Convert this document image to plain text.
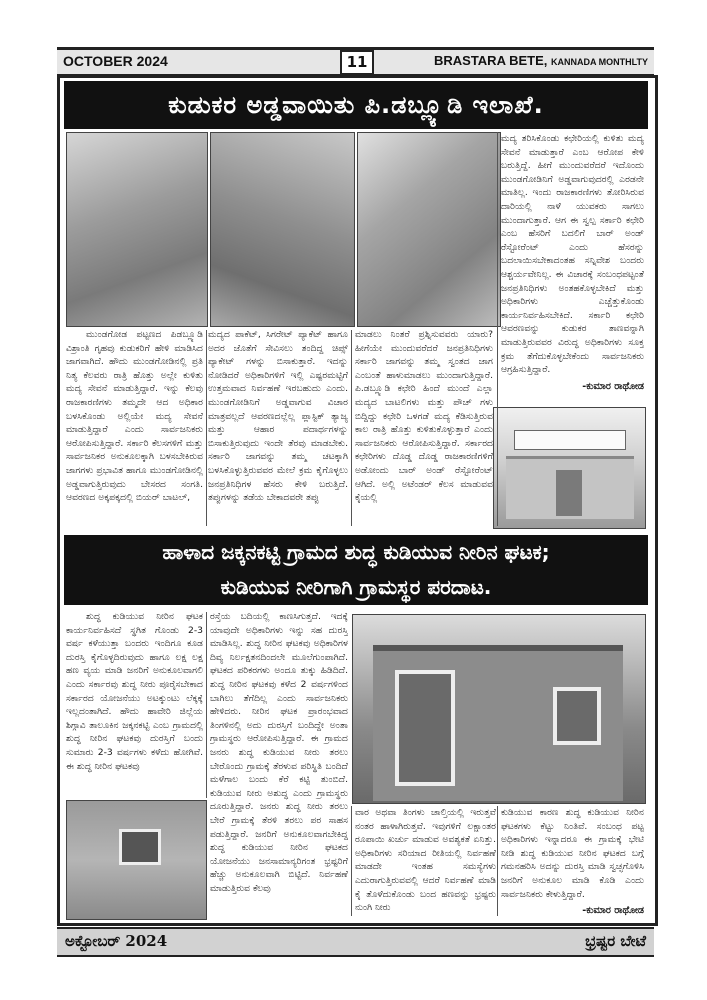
OCTOBER 2024	11	BRASTARA BETE, KANNADA MONTHLTY
ಕುಡುಕರ ಅಡ್ಡವಾಯಿತು ಪಿ.ಡಬ್ಲ್ಯೂಡಿ ಇಲಾಖೆ.

ಮುಂಡಗೋಡ ಪಟ್ಟಣದ ಪಿಡಬ್ಲ್ಯೂಡಿ ವಿಶ್ರಾಂತಿ ಗೃಹವು ಕುಡುಕರಿಗೆ ಹೇಳಿ ಮಾಡಿಸಿದ ಜಾಗವಾಗಿದೆ. ಹೌದು ಮುಂಡಗೋಡಿನಲ್ಲಿ ಪ್ರತಿ ನಿತ್ಯ ಕೆಲವರು ರಾತ್ರಿ ಹೊತ್ತು ಅಲ್ಲೇ ಕುಳಿತು ಮದ್ಯ ಸೇವನೆ ಮಾಡುತ್ತಿದ್ದಾರೆ. ಇನ್ನು ಕೆಲವು ರಾಜಕಾರಣಿಗಳು ತಮ್ಮದೇ ಆದ ಅಧಿಕಾರ ಬಳಸಿಕೊಂಡು ಅಲ್ಲಿಯೇ ಮದ್ಯ ಸೇವನೆ ಮಾಡುತ್ತಿದ್ದಾರೆ ಎಂದು ಸಾರ್ವಜನಿಕರು ಆರೋಪಿಸುತ್ತಿದ್ದಾರೆ. ಸರ್ಕಾರಿ ಕೆಲಸಗಳಿಗೆ ಮತ್ತು ಸಾರ್ವಜನಿಕರ ಅನುಕೂಲಕ್ಕಾಗಿ ಬಳಸಬೇಕಿರುವ ಜಾಗಗಳು ಪ್ರಭಾವಿತ ಹಾಗೂ ಮುಂಡಗೋಡಿನಲ್ಲಿ ಅಡ್ಡವಾಗುತ್ತಿರುವುದು ಬೇಸರದ ಸಂಗತಿ. ಆವರಣದ ಅಕ್ಕಪಕ್ಕದಲ್ಲಿ ಬಿಯರ್ ಬಾಟಲ್,

ಮದ್ಯದ ಪಾಕೆಟ್, ಸಿಗರೇಟ್ ಪ್ಯಾಕೆಟ್ ಹಾಗೂ ಅದರ ಜೊತೆಗೆ ಸೇವಿಸಲು ತಂದಿದ್ದ ಚಿಪ್ಸ್ ಪ್ಯಾಕೇಟ್ ಗಳನ್ನು ಬಿಸಾಕುತ್ತಾರೆ. ಇದನ್ನು ನೋಡಿದರೆ ಅಧಿಕಾರಿಗಳಿಗೆ ಇಲ್ಲಿ ಎಷ್ಟರಮಟ್ಟಿಗೆ ಉತ್ತಮವಾದ ನಿರ್ವಹಣೆ ಇರಬಹುದು ಎಂದು. ಮುಂಡಗೋಡಿನಿಗೆ ಅಡ್ಡವಾಗುವ ವಿಚಾರ ಮಾತ್ರವಲ್ಲದೆ ಆವರಣದಲ್ಲೆಲ್ಲ ಪ್ಲಾಸ್ಟಿಕ್ ತ್ಯಾಜ್ಯ ಮತ್ತು ಆಹಾರ ಪದಾರ್ಥಗಳನ್ನು ಬಿಸಾಕುತ್ತಿರುವುದು ಇಂದೇ ತೆರವು ಮಾಡಬೇಕು. ಸರ್ಕಾರಿ ಜಾಗವನ್ನು ತಮ್ಮ ಚಟಕ್ಕಾಗಿ ಬಳಸಿಕೊಳ್ಳುತ್ತಿರುವವರ ಮೇಲೆ ಕ್ರಮ ಕೈಗೊಳ್ಳಲು ಜನಪ್ರತಿನಿಧಿಗಳ ಹೆಸರು ಕೇಳಿ ಬರುತ್ತಿದೆ. ತಪ್ಪುಗಳನ್ನು ತಡೆಯ ಬೇಕಾದವರೇ ತಪ್ಪು

ಮಾಡಲು ನಿಂತರೆ ಪ್ರಶ್ನಿಸುವವರು ಯಾರು? ಹೀಗೆಯೇ ಮುಂದುವರೆದರೆ ಜನಪ್ರತಿನಿಧಿಗಳು ಸರ್ಕಾರಿ ಜಾಗವನ್ನು ತಮ್ಮ ಸ್ವಂತದ ಜಾಗ ಎಂಬಂತೆ ಹಾಳುಮಾಡಲು ಮುಂದಾಗುತ್ತಿದ್ದಾರೆ. ಪಿ.ಡಬ್ಲ್ಯೂಡಿ ಕಛೇರಿ ಹಿಂದೆ ಮುಂದೆ ಎಲ್ಲಾ ಮದ್ಯದ ಬಾಟಲಿಗಳು ಮತ್ತು ಪೌಚ್ ಗಳು ಬಿದ್ದಿದ್ದು ಕಛೇರಿ ಒಳಗಡೆ ಮದ್ಯ ಕೆಡಿಸುತ್ತಿರುವ ಕಾಲ ರಾತ್ರಿ ಹೊತ್ತು ಕುಳಿತುಕೊಳ್ಳುತ್ತಾರೆ ಎಂದು ಸಾರ್ವಜನಿಕರು ಆರೋಪಿಸುತ್ತಿದ್ದಾರೆ. ಸರ್ಕಾರದ ಕಛೇರಿಗಳು ದೊಡ್ಡ ದೊಡ್ಡ ರಾಜಕಾರಣಿಗಳಿಗೆ ಅಡೋಂದು ಬಾರ್ ಅಂಡ್ ರೆಸ್ಟೋರೆಂಟ್ ಆಗಿದೆ. ಅಲ್ಲಿ ಅಟೆಂಡರ್ ಕೆಲಸ ಮಾಡುವವ ಕೈಯಲ್ಲಿ

ಮದ್ಯ ತರಿಸಿಕೊಂಡು ಕಛೇರಿಯಲ್ಲಿ ಕುಳಿತು ಮದ್ಯ ಸೇವನೆ ಮಾಡುತ್ತಾರೆ ಎಂಬ ಆರೋಪ ಕೇಳಿ ಬರುತ್ತಿದ್ದೆ. ಹೀಗೆ ಮುಂದುವರೆದರೆ ಇದೊಂದು ಮುಂಡಗೋಡಿನಿಗೆ ಅಡ್ಡವಾಗುವುದರಲ್ಲಿ ಎರಡನೇ ಮಾತಿಲ್ಲ. ಇಂದು ರಾಜಕಾರಣಿಗಳು ತೋರಿಸಿರುವ ದಾರಿಯಲ್ಲಿ ನಾಳೆ ಯುವಕರು ಸಾಗಲು ಮುಂದಾಗುತ್ತಾರೆ. ಆಗ ಈ ಸ್ವಲ್ಪ ಸರ್ಕಾರಿ ಕಛೇರಿ ಎಂಬ ಹೆಸರಿಗೆ ಬದಲಿಗೆ ಬಾರ್ ಅಂಡ್ ರೆಸ್ಟೋರೆಂಟ್ ಎಂದು ಹೆಸರನ್ನು ಬದಲಾಯಿಸಬೇಕಾದಂತಹ ಸನ್ನಿವೇಶ ಬಂದರು ಆಶ್ಚರ್ಯವೇನಿಲ್ಲ. ಈ ವಿಚಾರಕ್ಕೆ ಸಂಬಂಧಪಟ್ಟಂತೆ ಜನಪ್ರತಿನಿಧಿಗಳು ಅಂತಹಕೊಳ್ಳಬೇಕಿದೆ ಮತ್ತು ಅಧಿಕಾರಿಗಳು ಎಚ್ಚೆತ್ತುಕೊಂಡು ಕಾರ್ಯನಿರ್ವಹಿಸಬೇಕಿದೆ. ಸರ್ಕಾರಿ ಕಛೇರಿ ಆವರಣವನ್ನು ಕುಡುಕರ ತಾಣವನ್ನಾಗಿ ಮಾಡುತ್ತಿರುವವರ ವಿರುದ್ಧ ಅಧಿಕಾರಿಗಳು ಸೂಕ್ತ ಕ್ರಮ ತೆಗೆದುಕೊಳ್ಳಬೇಕೆಂದು ಸಾರ್ವಜನಿಕರು ಆಗ್ರಹಿಸುತ್ತಿದ್ದಾರೆ.

-ಕುಮಾರ ರಾಥೋಡ
ಹಾಳಾದ ಜಕ್ಕನಕಟ್ಟಿ ಗ್ರಾಮದ ಶುದ್ಧ ಕುಡಿಯುವ ನೀರಿನ ಘಟಕ;
ಕುಡಿಯುವ ನೀರಿಗಾಗಿ ಗ್ರಾಮಸ್ಥರ ಪರದಾಟ.

ಶುದ್ಧ ಕುಡಿಯುವ ನೀರಿನ ಘಟಕ ಕಾರ್ಯನಿರ್ವಹಿಸದೆ ಸ್ಥಗಿತ ಗೊಂಡು 2-3 ವರ್ಷ ಕಳೆಯುತ್ತಾ ಬಂದರು ಇಂದಿಗೂ ಕೂಡ ದುರಸ್ತಿ ಕೈಗೊಳ್ಳದಿರುವುದು ಹಾಗೂ ಲಕ್ಷ ಲಕ್ಷ ಹಣ ವ್ಯಯ ಮಾಡಿ ಜನರಿಗೆ ಅನುಕೂಲವಾಗಲಿ ಎಂದು ಸರ್ಕಾರವು ಶುದ್ಧ ನೀರು ಪೂರೈಸಬೇಕಾದ ಸರ್ಕಾರದ ಯೋಜನೆಯು ಅಟಕ್ಕುಂಟು ಲೆಕ್ಕಕ್ಕೆ ಇಲ್ಲದಂತಾಗಿದೆ. ಹೌದು ಹಾವೇರಿ ಜಿಲ್ಲೆಯ ಶಿಗ್ಗಾವಿ ತಾಲೂಕಿನ ಜಕ್ಕನಕಟ್ಟಿ ಎಂಬ ಗ್ರಾಮದಲ್ಲಿ ಶುದ್ಧ ನೀರಿನ ಘಟಕವು ದುರಸ್ತಿಗೆ ಬಂದು ಸುಮಾರು 2-3 ವರ್ಷಗಳು ಕಳೆದು ಹೋಗಿವೆ. ಈ ಶುದ್ಧ ನೀರಿನ ಘಟಕವು

ರಸ್ತೆಯ ಬದಿಯಲ್ಲಿ ಕಾಣಸಿಗುತ್ತದೆ. ಇದಕ್ಕೆ ಯಾವುದೇ ಅಧಿಕಾರಿಗಳು ಇನ್ನು ಸಹ ದುರಸ್ತಿ ಮಾಡಿಸಿಲ್ಲ. ಶುದ್ಧ ನೀರಿನ ಘಟಕವು ಅಧಿಕಾರಿಗಳ ದಿವ್ಯ ನಿರ್ಲಕ್ಷತನದಿಂದಲೇ ಮೂಲೆಗುಂಪಾಗಿದೆ. ಘಟಕದ ಪರಿಕರಗಳು ಅಂದೂ ತುಕ್ಕು ಹಿಡಿದಿದೆ. ಶುದ್ಧ ನೀರಿನ ಘಟಕವು ಕಳೆದ 2 ವರ್ಷಗಳಿಂದ ಬಾಗಿಲು ತೆಗೆದಿಲ್ಲ ಎಂದು ಸಾರ್ವಜನಿಕರು ಹೇಳಿದರು. ನೀರಿನ ಘಟಕ ಪ್ರಾರಂಭವಾದ ತಿಂಗಳಿನಲ್ಲಿ ಅದು ದುರಸ್ತಿಗೆ ಬಂದಿದ್ದೇ ಅಂತಾ ಗ್ರಾಮಸ್ಥರು ಆರೋಪಿಸುತ್ತಿದ್ದಾರೆ. ಈ ಗ್ರಾಮದ ಜನರು ಶುದ್ಧ ಕುಡಿಯುವ ನೀರು ತರಲು ಬೇರೊಂದು ಗ್ರಾಮಕ್ಕೆ ತೆರಳುವ ಪರಿಸ್ಥಿತಿ ಬಂದಿದೆ ಮಳೆಗಾಲ ಬಂದು ಕೆರೆ ಕಟ್ಟಿ ತುಂಬಿದೆ. ಕುಡಿಯುವ ನೀರು ಅಶುದ್ಧ ಎಂದು ಗ್ರಾಮಸ್ಥರು ದೂರುತ್ತಿದ್ದಾರೆ. ಜನರು ಶುದ್ಧ ನೀರು ತರಲು ಬೇರೆ ಗ್ರಾಮಕ್ಕೆ ತೆರಳಿ ತರಲು ಪರ ಸಾಹಸ ಪಡುತ್ತಿದ್ದಾರೆ. ಜನರಿಗೆ ಅನುಕೂಲವಾಗಬೇಕಿದ್ದ ಶುದ್ಧ ಕುಡಿಯುವ ನೀರಿನ ಘಟಕದ ಯೋಜನೆಯು ಜನಸಾಮಾನ್ಯರಿಗಂತ ಭ್ರಷ್ಟರಿಗೆ ಹೆಚ್ಚು ಅನುಕೂಲವಾಗಿ ಬಿಟ್ಟಿದೆ. ನಿರ್ವಹಣೆ ಮಾಡುತ್ತಿರುವ ಕೆಲವು

ವಾರ ಅಥವಾ ತಿಂಗಳು ಚಾಲ್ತಿಯಲ್ಲಿ ಇರುತ್ತವೆ ನಂತರ ಹಾಳಾಗಿರುತ್ತವೆ. ಇವುಗಳಿಗೆ ಲಕ್ಷಾಂತರ ರೂಪಾಯಿ ಖರ್ಚು ಮಾಡುವ ಅವಶ್ಯಕತೆ ಏನಿತ್ತು. ಅಧಿಕಾರಿಗಳು ಸರಿಯಾದ ರೀತಿಯಲ್ಲಿ ನಿರ್ವಹಣೆ ಮಾಡದೇ ಇಂತಹ ಸಮಸ್ಯೆಗಳು ಎದುರಾಗುತ್ತಿರುವವಲ್ಲಿ ಆದರೆ ನಿರ್ವಹಣೆ ಮಾಡಿ ಕೈ ತೊಳೆದುಕೊಂಡು ಬಂದ ಹಣವನ್ನು ಭ್ರಷ್ಟರು ನುಂಗಿ ನೀರು

ಕುಡಿಯುವ ಕಾರಣ ಶುದ್ಧ ಕುಡಿಯುವ ನೀರಿನ ಘಟಕಗಳು ಕೆಟ್ಟು ನಿಂತಿವೆ. ಸಂಬಂಧ ಪಟ್ಟ ಅಧಿಕಾರಿಗಳು ಇನ್ನಾದರೂ ಈ ಗ್ರಾಮಕ್ಕೆ ಭೇಟಿ ನೀಡಿ ಶುದ್ಧ ಕುಡಿಯುವ ನೀರಿನ ಘಟಕದ ಬಗ್ಗೆ ಗಮನಹರಿಸಿ ಅದನ್ನು ದುರಸ್ತಿ ಮಾಡಿ ಸ್ವಚ್ಛಗೊಳಿಸಿ ಜನರಿಗೆ ಅನುಕೂಲ ಮಾಡಿ ಕೊಡಿ ಎಂದು ಸಾರ್ವಜನಿಕರು ಕೇಳುತ್ತಿದ್ದಾರೆ.

-ಕುಮಾರ ರಾಥೋಡ
ಅಕ್ಟೋಬರ್ 2024	ಭ್ರಷ್ಟರ ಬೇಟೆ
